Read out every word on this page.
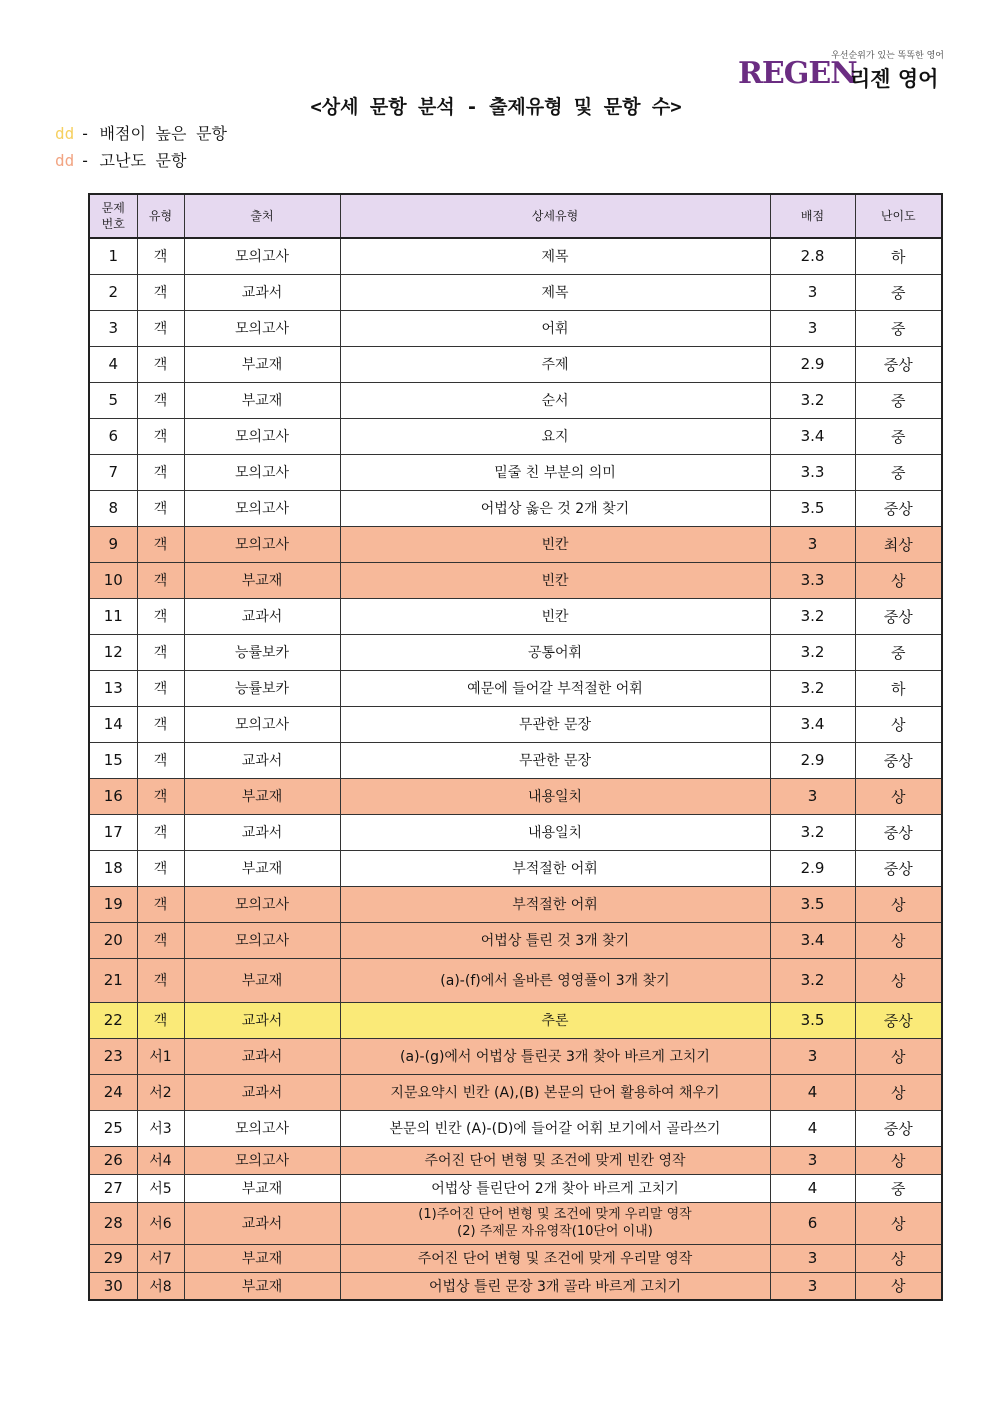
우선순위가 있는 똑똑한 영어
REGEN
리젠 영어
<상세 문항 분석 - 출제유형 및 문항 수>
dd - 배점이 높은 문항
dd - 고난도 문항
문제
번호	유형	출처	상세유형	배점	난이도
1	객	모의고사	제목	2.8	하
2	객	교과서	제목	3	중
3	객	모의고사	어휘	3	중
4	객	부교재	주제	2.9	중상
5	객	부교재	순서	3.2	중
6	객	모의고사	요지	3.4	중
7	객	모의고사	밑줄 친 부분의 의미	3.3	중
8	객	모의고사	어법상 옳은 것 2개 찾기	3.5	중상
9	객	모의고사	빈칸	3	최상
10	객	부교재	빈칸	3.3	상
11	객	교과서	빈칸	3.2	중상
12	객	능률보카	공통어휘	3.2	중
13	객	능률보카	예문에 들어갈 부적절한 어휘	3.2	하
14	객	모의고사	무관한 문장	3.4	상
15	객	교과서	무관한 문장	2.9	중상
16	객	부교재	내용일치	3	상
17	객	교과서	내용일치	3.2	중상
18	객	부교재	부적절한 어휘	2.9	중상
19	객	모의고사	부적절한 어휘	3.5	상
20	객	모의고사	어법상 틀린 것 3개 찾기	3.4	상
21	객	부교재	(a)-(f)에서 올바른 영영풀이 3개 찾기	3.2	상
22	객	교과서	추론	3.5	중상
23	서1	교과서	(a)-(g)에서 어법상 틀린곳 3개 찾아 바르게 고치기	3	상
24	서2	교과서	지문요약시 빈칸 (A),(B) 본문의 단어 활용하여 채우기	4	상
25	서3	모의고사	본문의 빈칸 (A)-(D)에 들어갈 어휘 보기에서 골라쓰기	4	중상
26	서4	모의고사	주어진 단어 변형 및 조건에 맞게 빈칸 영작	3	상
27	서5	부교재	어법상 틀린단어 2개 찾아 바르게 고치기	4	중
28	서6	교과서	(1)주어진 단어 변형 및 조건에 맞게 우리말 영작
(2) 주제문 자유영작(10단어 이내)	6	상
29	서7	부교재	주어진 단어 변형 및 조건에 맞게 우리말 영작	3	상
30	서8	부교재	어법상 틀린 문장 3개 골라 바르게 고치기	3	상
